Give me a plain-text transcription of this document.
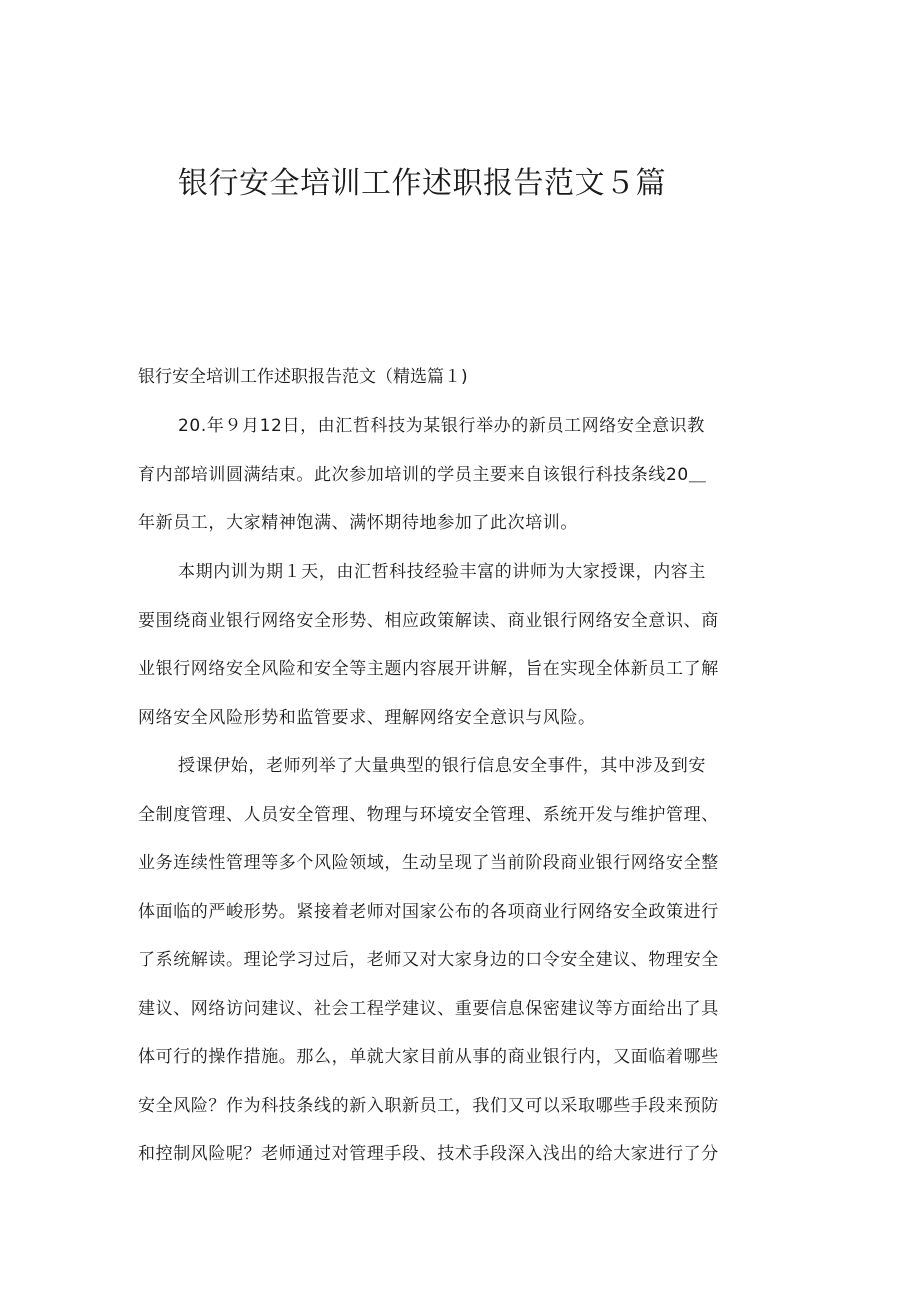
银行安全培训工作述职报告范文５篇

银行安全培训工作述职报告范文（精选篇１)

20.年９月12日，由汇哲科技为某银行举办的新员工网络安全意识教
育内部培训圆满结束。此次参加培训的学员主要来自该银行科技条线20＿
年新员工，大家精神饱满、满怀期待地参加了此次培训。

本期内训为期１天，由汇哲科技经验丰富的讲师为大家授课，内容主
要围绕商业银行网络安全形势、相应政策解读、商业银行网络安全意识、商
业银行网络安全风险和安全等主题内容展开讲解，旨在实现全体新员工了解
网络安全风险形势和监管要求、理解网络安全意识与风险。

授课伊始，老师列举了大量典型的银行信息安全事件，其中涉及到安
全制度管理、人员安全管理、物理与环境安全管理、系统开发与维护管理、
业务连续性管理等多个风险领域，生动呈现了当前阶段商业银行网络安全整
体面临的严峻形势。紧接着老师对国家公布的各项商业行网络安全政策进行
了系统解读。理论学习过后，老师又对大家身边的口令安全建议、物理安全
建议、网络访问建议、社会工程学建议、重要信息保密建议等方面给出了具
体可行的操作措施。那么，单就大家目前从事的商业银行内，又面临着哪些
安全风险？作为科技条线的新入职新员工，我们又可以采取哪些手段来预防
和控制风险呢？老师通过对管理手段、技术手段深入浅出的给大家进行了分
